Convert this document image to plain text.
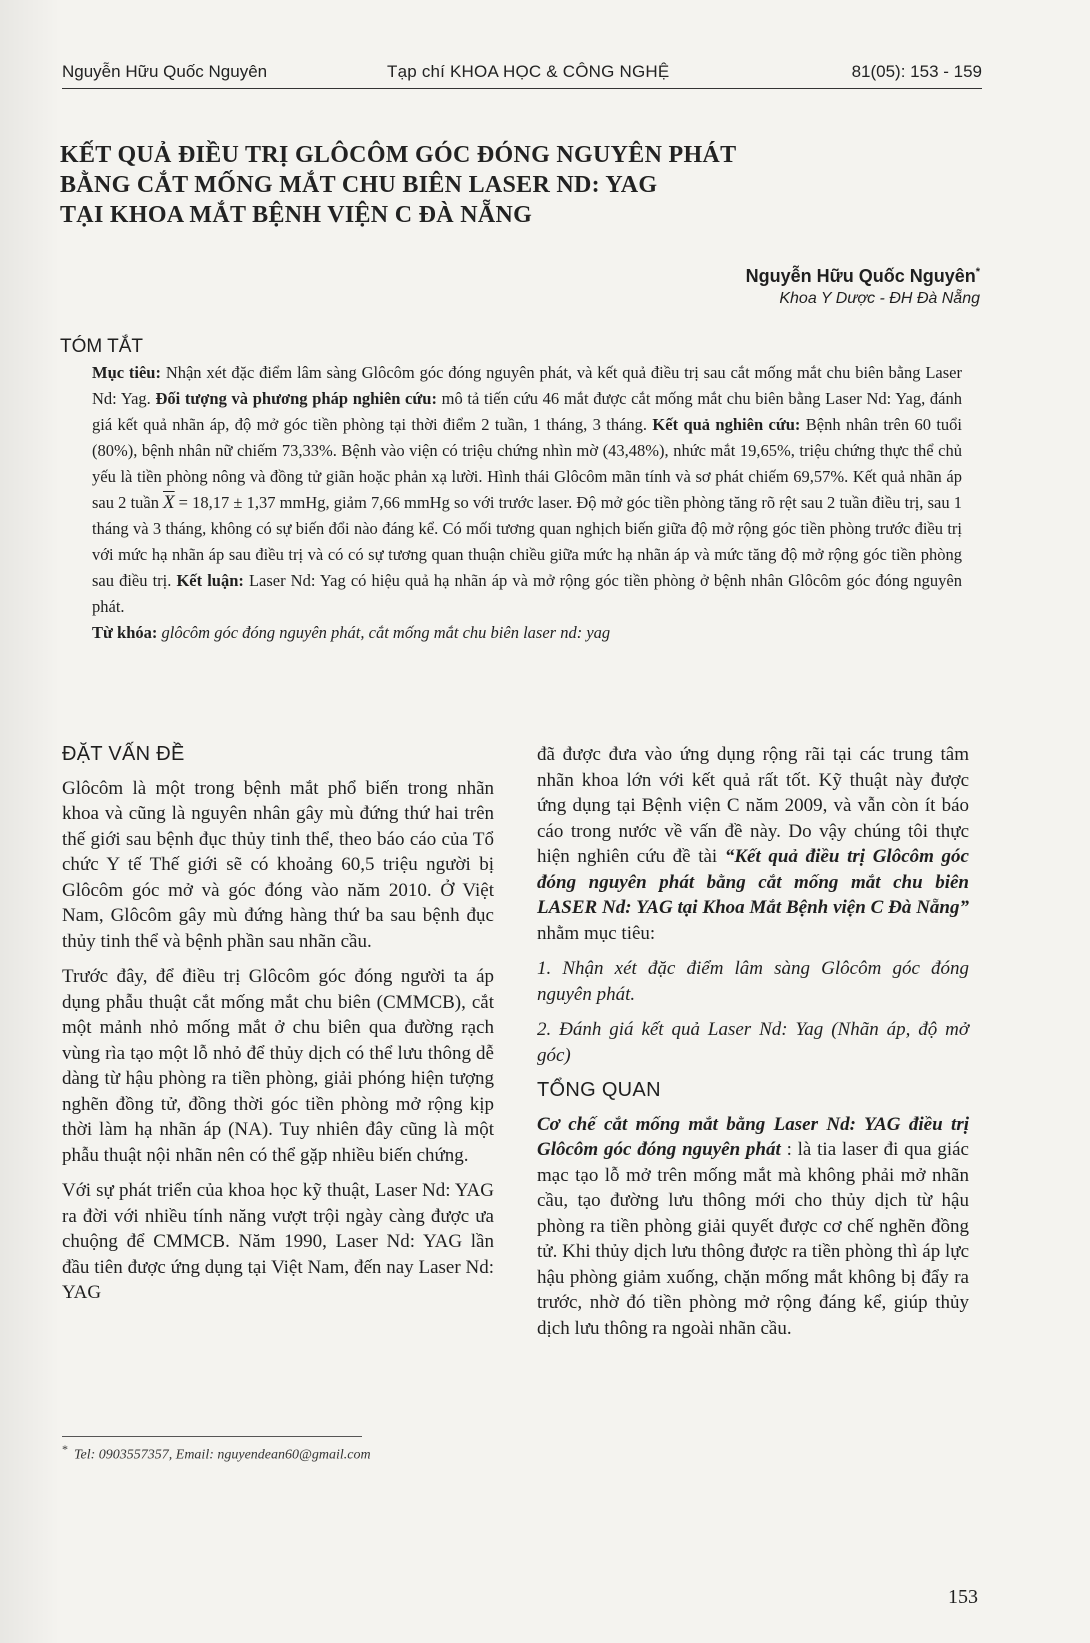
Nguyễn Hữu Quốc Nguyên	Tạp chí KHOA HỌC & CÔNG NGHỆ	81(05): 153 - 159
KẾT QUẢ ĐIỀU TRỊ GLÔCÔM GÓC ĐÓNG NGUYÊN PHÁT
BẰNG CẮT MỐNG MẮT CHU BIÊN LASER ND: YAG
TẠI KHOA MẮT BỆNH VIỆN C ĐÀ NẴNG
Nguyễn Hữu Quốc Nguyên*
Khoa Y Dược - ĐH Đà Nẵng
TÓM TẮT

Mục tiêu: Nhận xét đặc điểm lâm sàng Glôcôm góc đóng nguyên phát, và kết quả điều trị sau cắt mống mắt chu biên bằng Laser Nd: Yag. Đối tượng và phương pháp nghiên cứu: mô tả tiến cứu 46 mắt được cắt mống mắt chu biên bằng Laser Nd: Yag, đánh giá kết quả nhãn áp, độ mở góc tiền phòng tại thời điểm 2 tuần, 1 tháng, 3 tháng. Kết quả nghiên cứu: Bệnh nhân trên 60 tuổi (80%), bệnh nhân nữ chiếm 73,33%. Bệnh vào viện có triệu chứng nhìn mờ (43,48%), nhức mắt 19,65%, triệu chứng thực thể chủ yếu là tiền phòng nông và đồng tử giãn hoặc phản xạ lười. Hình thái Glôcôm mãn tính và sơ phát chiếm 69,57%. Kết quả nhãn áp sau 2 tuần $\overline{X} = 18,17 \pm 1,37$ mmHg, giảm 7,66 mmHg so với trước laser. Độ mở góc tiền phòng tăng rõ rệt sau 2 tuần điều trị, sau 1 tháng và 3 tháng, không có sự biến đổi nào đáng kể. Có mối tương quan nghịch biến giữa độ mở rộng góc tiền phòng trước điều trị với mức hạ nhãn áp sau điều trị và có có sự tương quan thuận chiều giữa mức hạ nhãn áp và mức tăng độ mở rộng góc tiền phòng sau điều trị. Kết luận: Laser Nd: Yag có hiệu quả hạ nhãn áp và mở rộng góc tiền phòng ở bệnh nhân Glôcôm góc đóng nguyên phát.

Từ khóa: glôcôm góc đóng nguyên phát, cắt mống mắt chu biên laser nd: yag

ĐẶT VẤN ĐỀ

Glôcôm là một trong bệnh mắt phổ biến trong nhãn khoa và cũng là nguyên nhân gây mù đứng thứ hai trên thế giới sau bệnh đục thủy tinh thể, theo báo cáo của Tổ chức Y tế Thế giới sẽ có khoảng 60,5 triệu người bị Glôcôm góc mở và góc đóng vào năm 2010. Ở Việt Nam, Glôcôm gây mù đứng hàng thứ ba sau bệnh đục thủy tinh thể và bệnh phần sau nhãn cầu.

Trước đây, để điều trị Glôcôm góc đóng người ta áp dụng phẫu thuật cắt mống mắt chu biên (CMMCB), cắt một mảnh nhỏ mống mắt ở chu biên qua đường rạch vùng rìa tạo một lỗ nhỏ để thủy dịch có thể lưu thông dễ dàng từ hậu phòng ra tiền phòng, giải phóng hiện tượng nghẽn đồng tử, đồng thời góc tiền phòng mở rộng kịp thời làm hạ nhãn áp (NA). Tuy nhiên đây cũng là một phẫu thuật nội nhãn nên có thể gặp nhiều biến chứng.

Với sự phát triển của khoa học kỹ thuật, Laser Nd: YAG ra đời với nhiều tính năng vượt trội ngày càng được ưa chuộng để CMMCB. Năm 1990, Laser Nd: YAG lần đầu tiên được ứng dụng tại Việt Nam, đến nay Laser Nd: YAG

đã được đưa vào ứng dụng rộng rãi tại các trung tâm nhãn khoa lớn với kết quả rất tốt. Kỹ thuật này được ứng dụng tại Bệnh viện C năm 2009, và vẫn còn ít báo cáo trong nước về vấn đề này. Do vậy chúng tôi thực hiện nghiên cứu đề tài “Kết quả điều trị Glôcôm góc đóng nguyên phát bằng cắt mống mắt chu biên LASER Nd: YAG tại Khoa Mắt Bệnh viện C Đà Nẵng” nhằm mục tiêu:

1. Nhận xét đặc điểm lâm sàng Glôcôm góc đóng nguyên phát.

2. Đánh giá kết quả Laser Nd: Yag (Nhãn áp, độ mở góc)

TỔNG QUAN

Cơ chế cắt mống mắt bằng Laser Nd: YAG điều trị Glôcôm góc đóng nguyên phát : là tia laser đi qua giác mạc tạo lỗ mở trên mống mắt mà không phải mở nhãn cầu, tạo đường lưu thông mới cho thủy dịch từ hậu phòng ra tiền phòng giải quyết được cơ chế nghẽn đồng tử. Khi thủy dịch lưu thông được ra tiền phòng thì áp lực hậu phòng giảm xuống, chặn mống mắt không bị đẩy ra trước, nhờ đó tiền phòng mở rộng đáng kể, giúp thủy dịch lưu thông ra ngoài nhãn cầu.

* Tel: 0903557357, Email: nguyendean60@gmail.com
153
